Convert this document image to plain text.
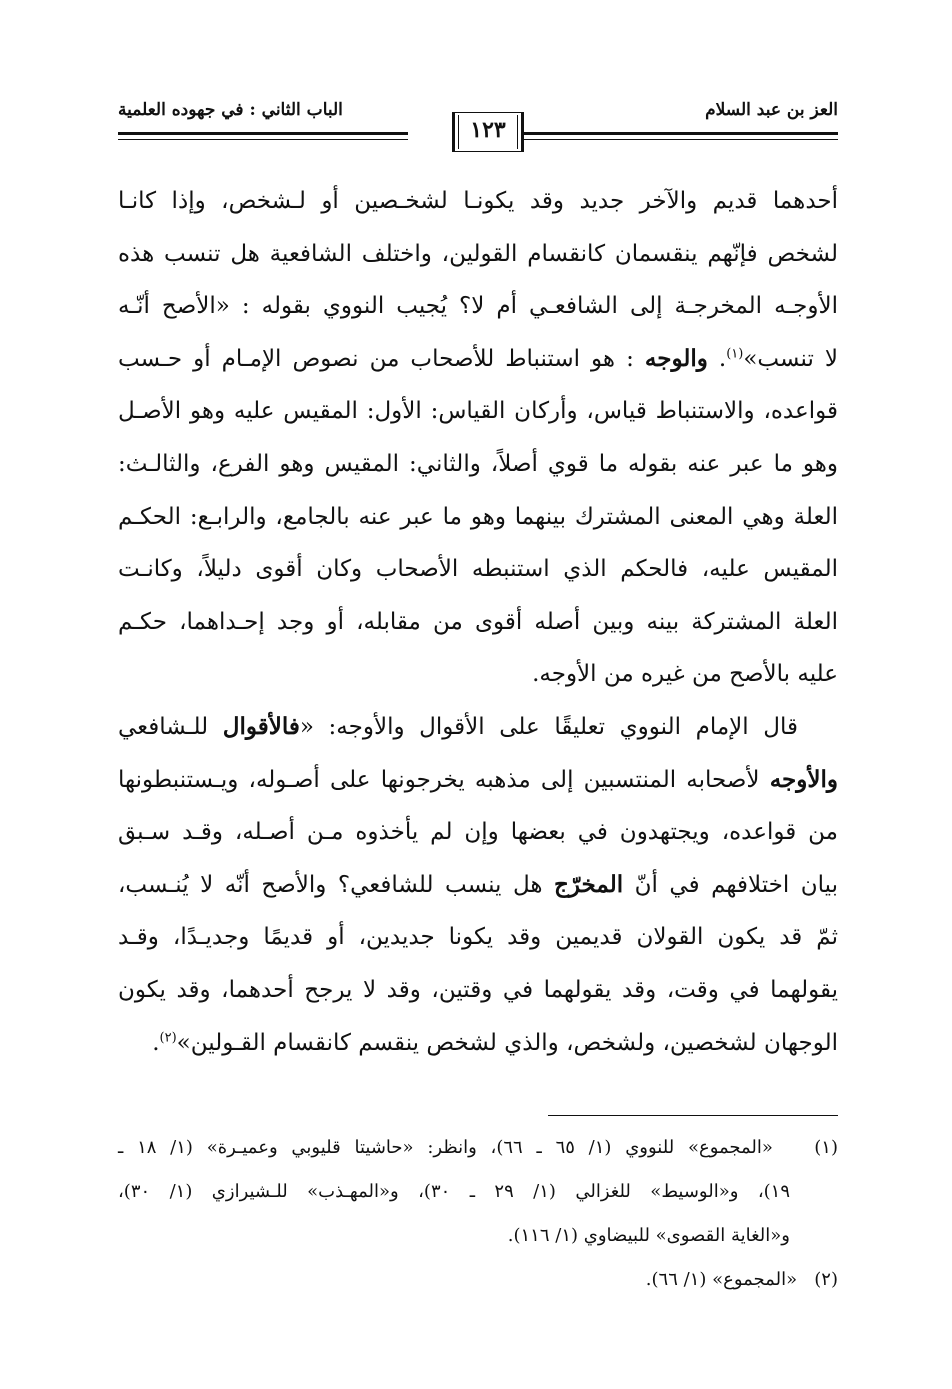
الباب الثاني : في جهوده العلمية	العز بن عبد السلام
١٢٣
أحدهما قديم والآخر جديد وقد يكونـا لشخـصين أو لـشخص، وإذا كانـا
لشخص فإنّهم ينقسمان كانقسام القولين، واختلف الشافعية هل تنسب هذه
الأوجـه المخرجـة إلى الشافعـي أم لا؟ يُجيب النووي بقوله : «الأصح أنّـه
لا تنسب»$^{(١)}$. والوجه : هو استنباط للأصحاب من نصوص الإمـام أو حـسب
قواعده، والاستنباط قياس، وأركان القياس: الأول: المقيس عليه وهو الأصـل
وهو ما عبر عنه بقوله ما قوي أصلاً، والثاني: المقيس وهو الفرع، والثالـث:
العلة وهي المعنى المشترك بينهما وهو ما عبر عنه بالجامع، والرابـع: الحكـم
المقيس عليه، فالحكم الذي استنبطه الأصحاب وكان أقوى دليلاً، وكانـت
العلة المشتركة بينه وبين أصله أقوى من مقابله، أو وجد إحـداهما، حكـم
عليه بالأصح من غيره من الأوجه.
قال الإمام النووي تعليقًا على الأقوال والأوجه: «فالأقوال للـشافعي
والأوجه لأصحابه المنتسبين إلى مذهبه يخرجونها على أصـوله، ويـستنبطونها
من قواعده، ويجتهدون في بعضها وإن لم يأخذوه مـن أصـله، وقـد سـبق
بيان اختلافهم في أنّ المخرّج هل ينسب للشافعي؟ والأصح أنّه لا يُنـسب،
ثمّ قد يكون القولان قديمين وقد يكونا جديدين، أو قديمًا وجديـدًا، وقـد
يقولهما في وقت، وقد يقولهما في وقتين، وقد لا يرجح أحدهما، وقد يكون
الوجهان لشخصين، ولشخص، والذي لشخص ينقسم كانقسام القـولين»$^{(٢)}$.
(١)   «المجموع» للنووي (١/ ٦٥ ـ ٦٦)، وانظر: «حاشيتا قليوبي وعميـرة» (١/ ١٨ ـ
١٩)، و«الوسيط» للغزالي (١/ ٢٩ ـ ٣٠)، و«المهـذب» للـشيرازي (١/ ٣٠)،
و«الغاية القصوى» للبيضاوي (١/ ١١٦).
(٢)   «المجموع» (١/ ٦٦).
